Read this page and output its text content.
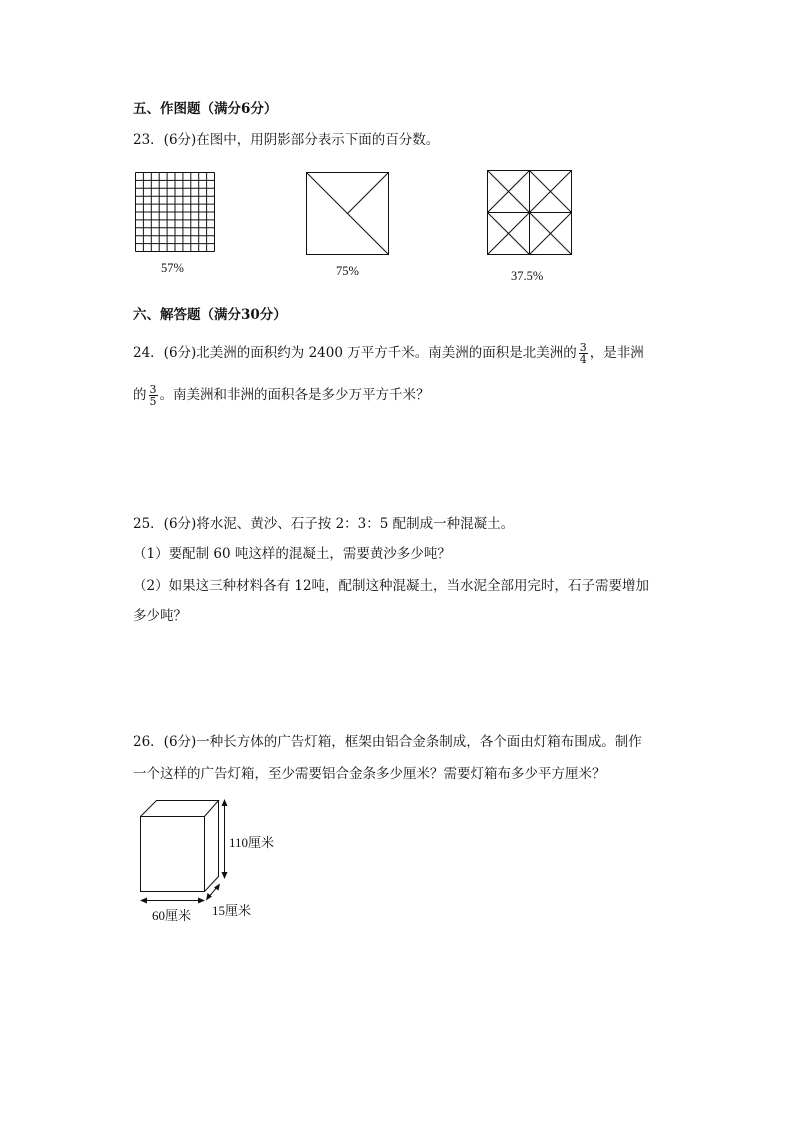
五、作图题（满分6分）
23．(6分)在图中，用阴影部分表示下面的百分数。
57%	75%	37.5%
六、解答题（满分30分）
24．(6分)北美洲的面积约为 2400 万平方千米。南美洲的面积是北美洲的 $\frac{3}{4}$ ，是非洲
的 $\frac{3}{5}$ 。南美洲和非洲的面积各是多少万平方千米？
25．(6分)将水泥、黄沙、石子按 2：3：5 配制成一种混凝土。
（1）要配制 60 吨这样的混凝土，需要黄沙多少吨？
（2）如果这三种材料各有 12吨，配制这种混凝土，当水泥全部用完时，石子需要增加
多少吨？
26．(6分)一种长方体的广告灯箱，框架由铝合金条制成，各个面由灯箱布围成。制作
一个这样的广告灯箱，至少需要铝合金条多少厘米？需要灯箱布多少平方厘米？
110厘米
60厘米 15厘米
